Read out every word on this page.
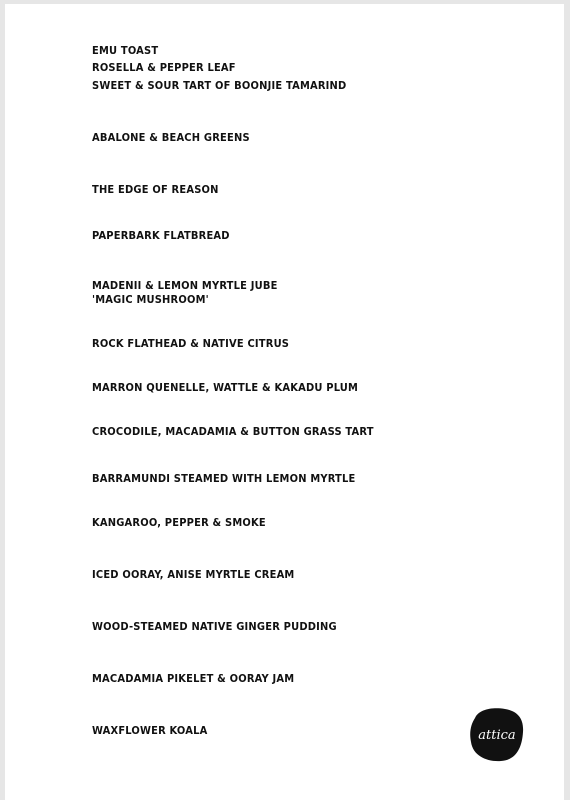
EMU TOAST

ROSELLA & PEPPER LEAF

SWEET & SOUR TART OF BOONJIE TAMARIND

ABALONE & BEACH GREENS

THE EDGE OF REASON

PAPERBARK FLATBREAD

MADENII & LEMON MYRTLE JUBE

'MAGIC MUSHROOM'

ROCK FLATHEAD & NATIVE CITRUS

MARRON QUENELLE, WATTLE & KAKADU PLUM

CROCODILE, MACADAMIA & BUTTON GRASS TART

BARRAMUNDI STEAMED WITH LEMON MYRTLE

KANGAROO, PEPPER & SMOKE

ICED OORAY, ANISE MYRTLE CREAM

WOOD-STEAMED NATIVE GINGER PUDDING

MACADAMIA PIKELET & OORAY JAM

WAXFLOWER KOALA	attica
